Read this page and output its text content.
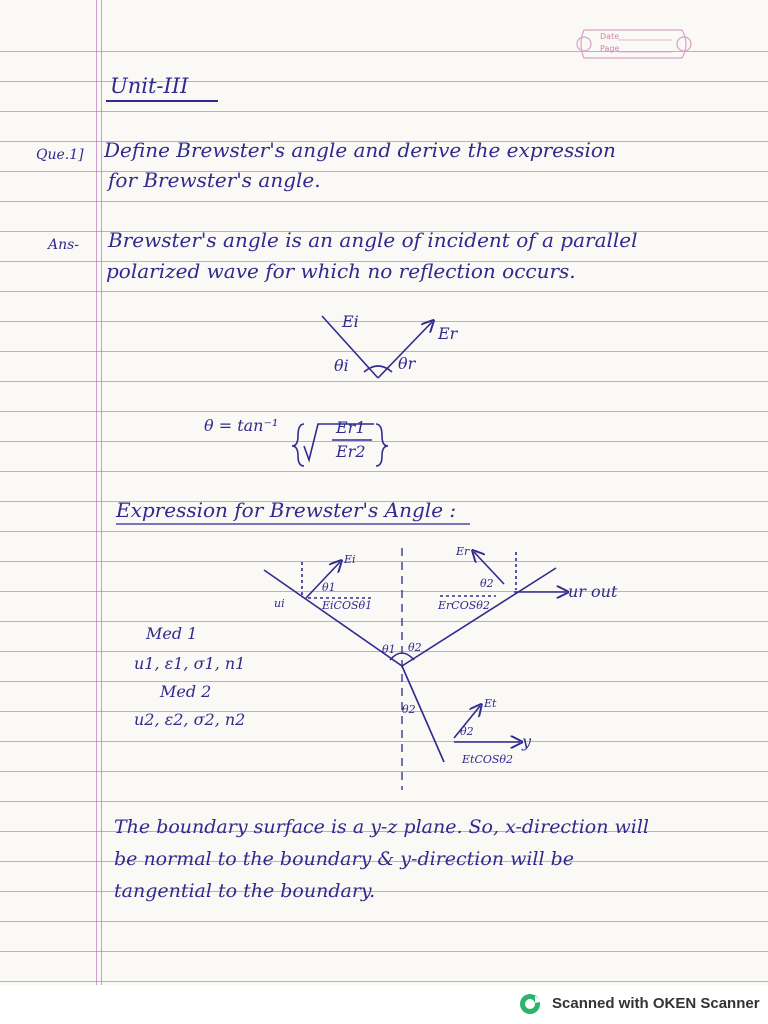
Date
Page
Unit-III
Que.1] Define Brewster's angle and derive the expression
for Brewster's angle.
Ans- Brewster's angle is an angle of incident of a parallel
polarized wave for which no reflection occurs.
Ei
Er
θi	θr
θ = tan⁻¹	Er1
Er2
Expression for Brewster's Angle :
Ei
θ1
ui	EiCOSθ1
Er
θ2
ErCOSθ2
ur out
θ1 θ2
θ2	Et
θ2
y
EtCOSθ2
Med 1
u1, ε1, σ1, n1
Med 2
u2, ε2, σ2, n2
The boundary surface is a y-z plane. So, x-direction will
be normal to the boundary & y-direction will be
tangential to the boundary.
Scanned with OKEN Scanner
